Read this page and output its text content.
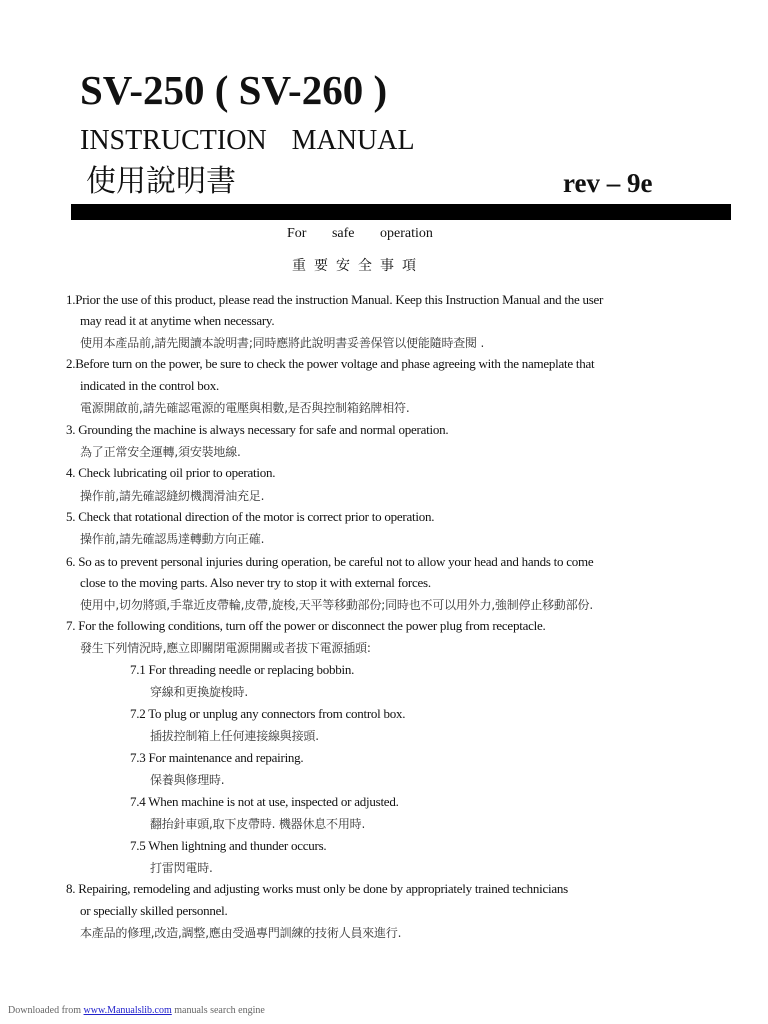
SV-250 ( SV-260 )
INSTRUCTION MANUAL
使用說明書	rev – 9e
For safe operation
重要安全事項
1.Prior the use of this product, please read the instruction Manual. Keep this Instruction Manual and the user
may read it at anytime when necessary.
使用本產品前,請先閱讀本說明書;同時應將此說明書妥善保管以便能隨時查閱 .
2.Before turn on the power, be sure to check the power voltage and phase agreeing with the nameplate that
indicated in the control box.
電源開啟前,請先確認電源的電壓與相數,是否與控制箱銘牌相符.
3. Grounding the machine is always necessary for safe and normal operation.
為了正常安全運轉,須安裝地線.
4. Check lubricating oil prior to operation.
操作前,請先確認縫紉機潤滑油充足.
5. Check that rotational direction of the motor is correct prior to operation.
操作前,請先確認馬達轉動方向正確.
6. So as to prevent personal injuries during operation, be careful not to allow your head and hands to come
close to the moving parts. Also never try to stop it with external forces.
使用中,切勿將頭,手靠近皮帶輪,皮帶,旋梭,天平等移動部份;同時也不可以用外力,強制停止移動部份.
7. For the following conditions, turn off the power or disconnect the power plug from receptacle.
發生下列情況時,應立即關閉電源開關或者拔下電源插頭:
7.1 For threading needle or replacing bobbin.
穿線和更換旋梭時.
7.2 To plug or unplug any connectors from control box.
插拔控制箱上任何連接線與接頭.
7.3 For maintenance and repairing.
保養與修理時.
7.4 When machine is not at use, inspected or adjusted.
翻抬針車頭,取下皮帶時. 機器休息不用時.
7.5 When lightning and thunder occurs.
打雷閃電時.
8. Repairing, remodeling and adjusting works must only be done by appropriately trained technicians
or specially skilled personnel.
本產品的修理,改造,調整,應由受過專門訓練的技術人員來進行.
Downloaded from www.Manualslib.com manuals search engine
